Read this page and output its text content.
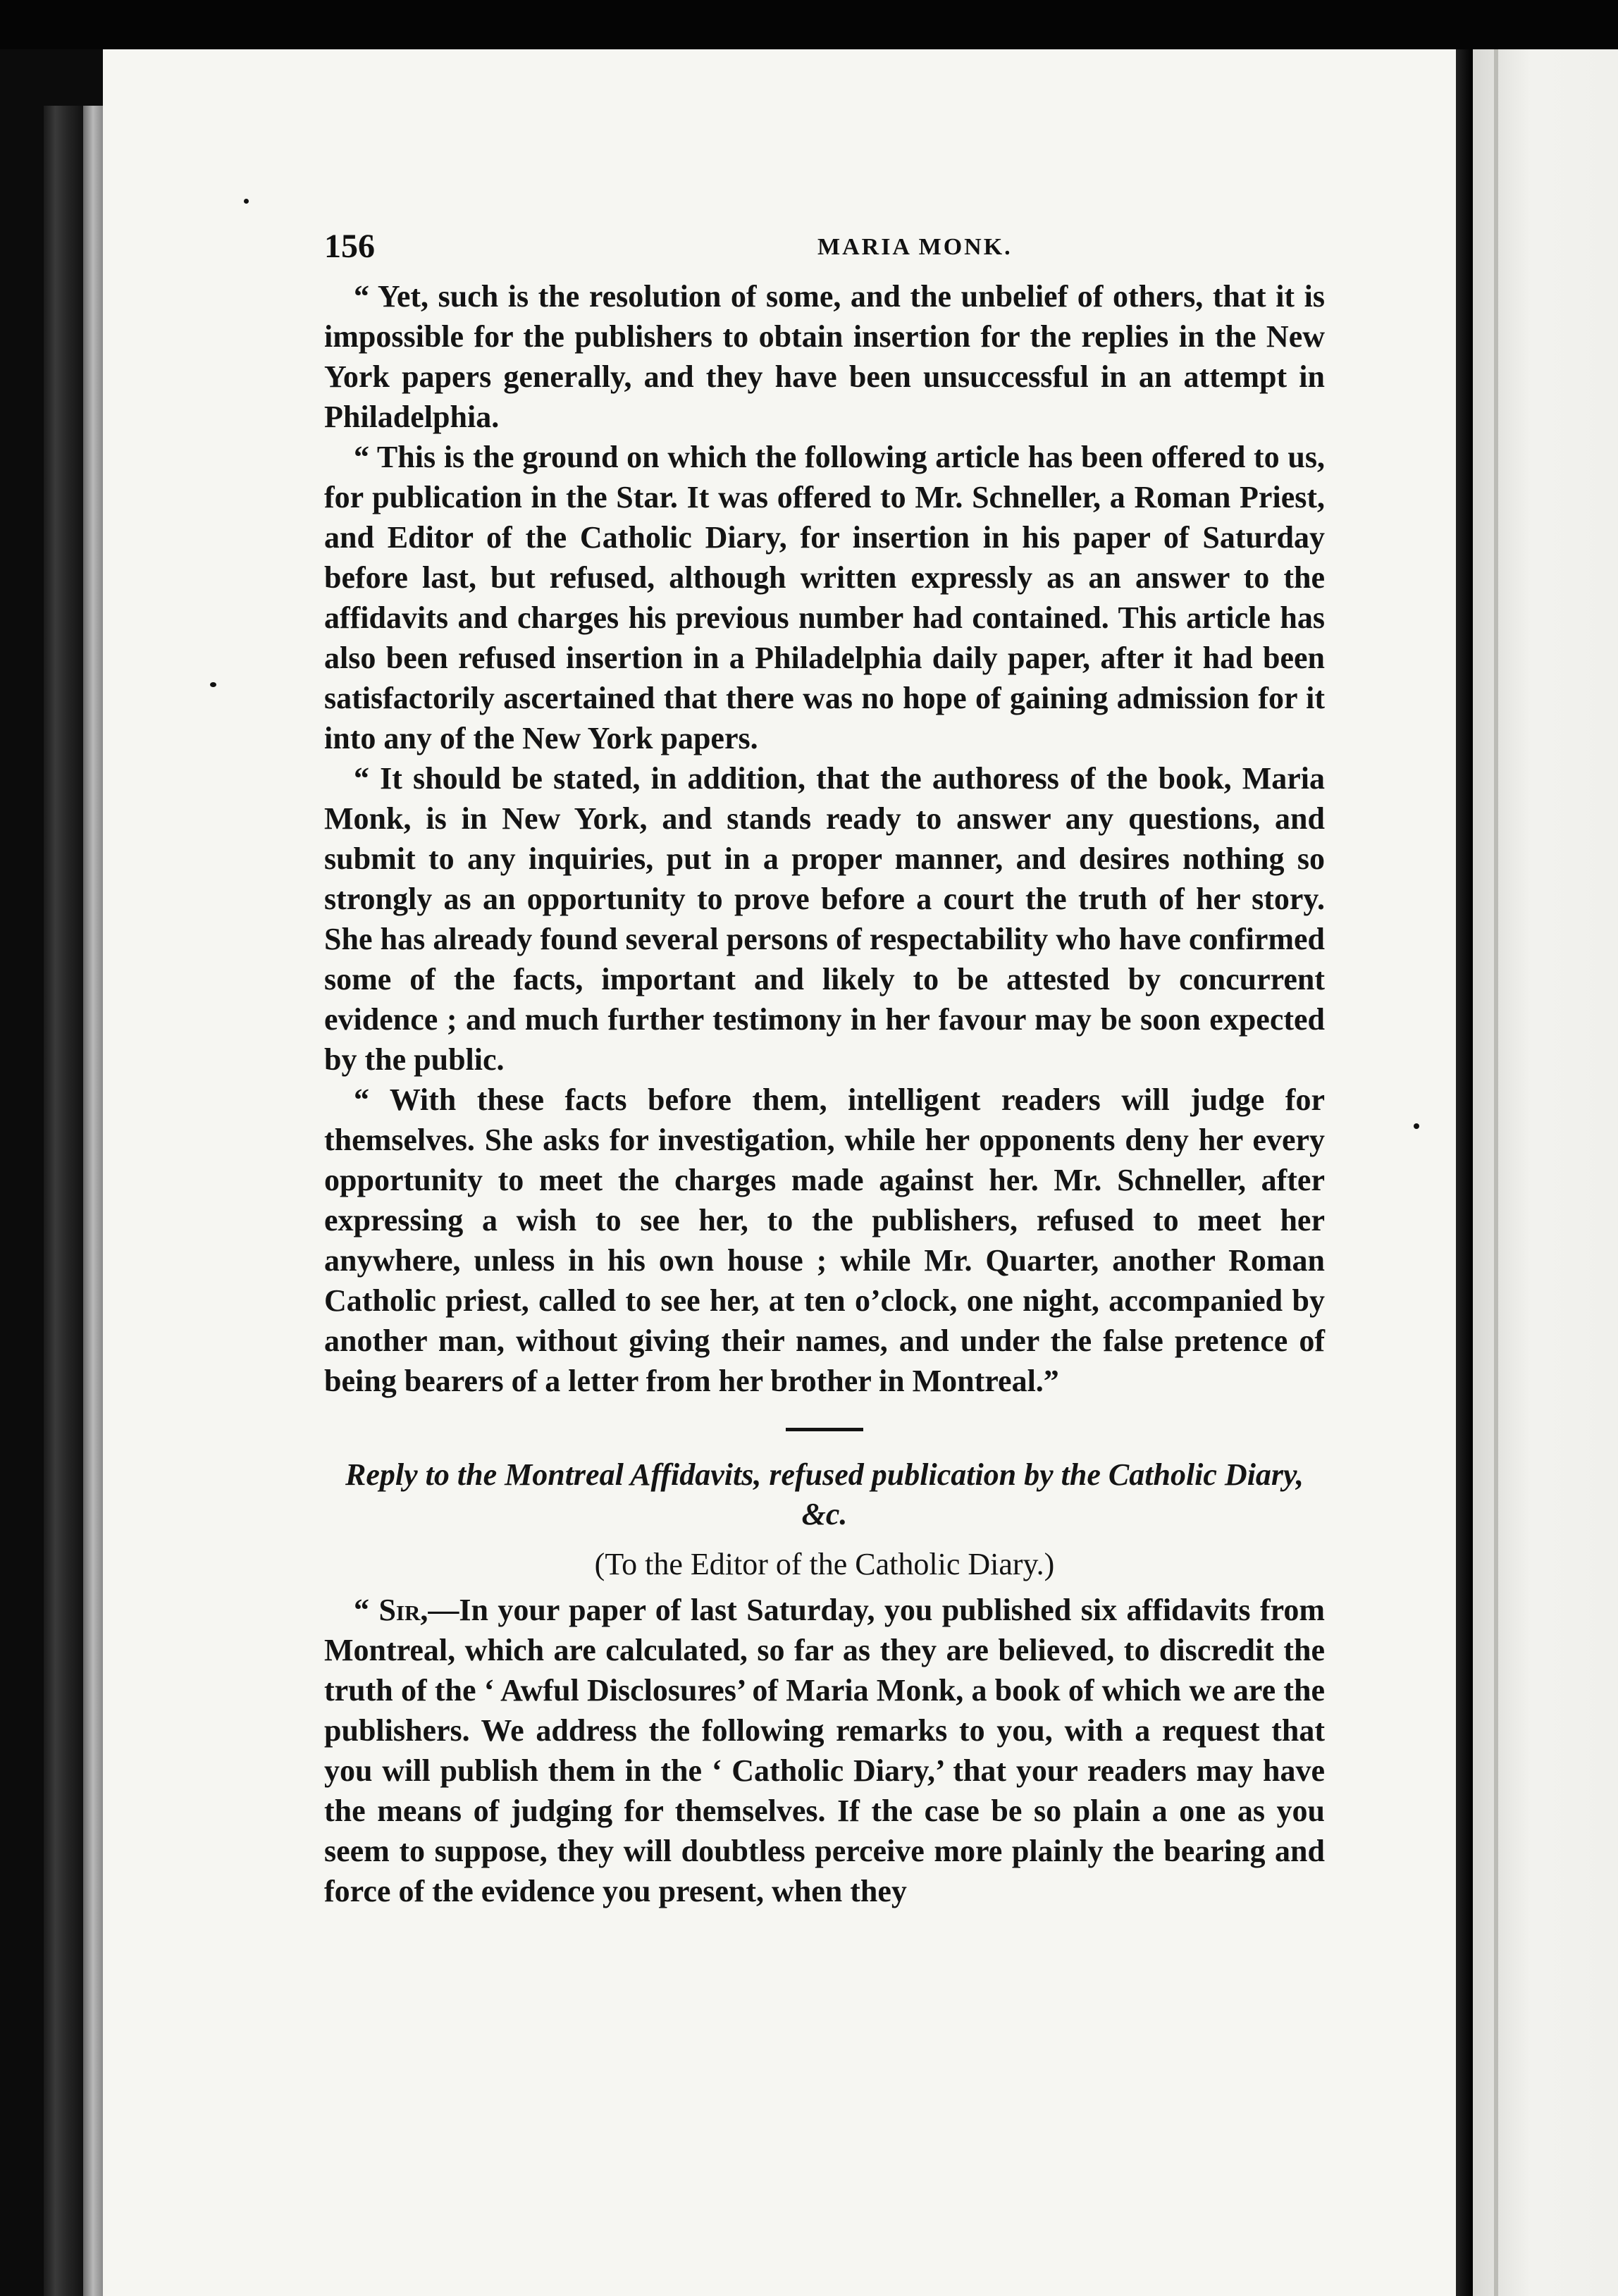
156	MARIA MONK.

“ Yet, such is the resolution of some, and the unbelief of others, that it is impossible for the publishers to obtain insertion for the replies in the New York papers generally, and they have been unsuccessful in an attempt in Philadelphia.

“ This is the ground on which the following article has been offered to us, for publication in the Star. It was offered to Mr. Schneller, a Roman Priest, and Editor of the Catholic Diary, for insertion in his paper of Saturday before last, but refused, although written expressly as an answer to the affidavits and charges his previous number had contained. This article has also been refused insertion in a Philadelphia daily paper, after it had been satisfactorily ascertained that there was no hope of gaining admission for it into any of the New York papers.

“ It should be stated, in addition, that the authoress of the book, Maria Monk, is in New York, and stands ready to answer any questions, and submit to any inquiries, put in a proper manner, and desires nothing so strongly as an opportunity to prove before a court the truth of her story. She has already found several persons of respectability who have confirmed some of the facts, important and likely to be attested by concurrent evidence ; and much further testimony in her favour may be soon expected by the public.

“ With these facts before them, intelligent readers will judge for themselves. She asks for investigation, while her opponents deny her every opportunity to meet the charges made against her. Mr. Schneller, after expressing a wish to see her, to the publishers, refused to meet her anywhere, unless in his own house ; while Mr. Quarter, another Roman Catholic priest, called to see her, at ten o’clock, one night, accompanied by another man, without giving their names, and under the false pretence of being bearers of a letter from her brother in Montreal.”

Reply to the Montreal Affidavits, refused publication by the Catholic Diary, &c.

(To the Editor of the Catholic Diary.)

“ Sir,—In your paper of last Saturday, you published six affidavits from Montreal, which are calculated, so far as they are believed, to discredit the truth of the ‘ Awful Disclosures’ of Maria Monk, a book of which we are the publishers. We address the following remarks to you, with a request that you will publish them in the ‘ Catholic Diary,’ that your readers may have the means of judging for themselves. If the case be so plain a one as you seem to suppose, they will doubtless perceive more plainly the bearing and force of the evidence you present, when they
